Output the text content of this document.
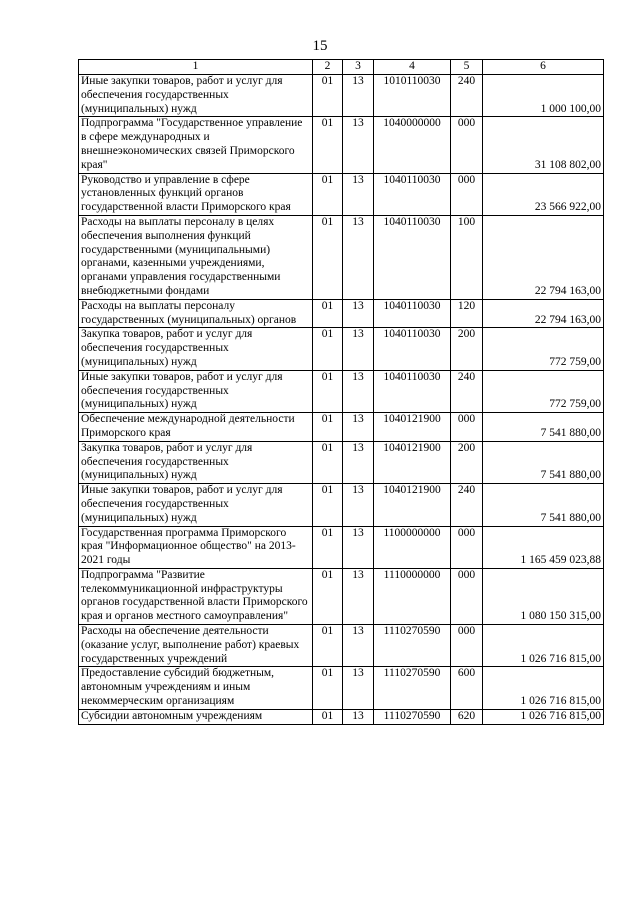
15
1	2	3	4	5	6
Иные закупки товаров, работ и услуг для обеспечения государственных (муниципальных) нужд	01	13	1010110030	240	1 000 100,00
Подпрограмма "Государственное управление в сфере международных и внешнеэкономических связей Приморского края"	01	13	1040000000	000	31 108 802,00
Руководство и управление в сфере установленных функций органов государственной власти Приморского края	01	13	1040110030	000	23 566 922,00
Расходы на выплаты персоналу в целях обеспечения выполнения функций государственными (муниципальными) органами, казенными учреждениями, органами управления государственными внебюджетными фондами	01	13	1040110030	100	22 794 163,00
Расходы на выплаты персоналу государственных (муниципальных) органов	01	13	1040110030	120	22 794 163,00
Закупка товаров, работ и услуг для обеспечения государственных (муниципальных) нужд	01	13	1040110030	200	772 759,00
Иные закупки товаров, работ и услуг для обеспечения государственных (муниципальных) нужд	01	13	1040110030	240	772 759,00
Обеспечение международной деятельности Приморского края	01	13	1040121900	000	7 541 880,00
Закупка товаров, работ и услуг для обеспечения государственных (муниципальных) нужд	01	13	1040121900	200	7 541 880,00
Иные закупки товаров, работ и услуг для обеспечения государственных (муниципальных) нужд	01	13	1040121900	240	7 541 880,00
Государственная программа Приморского края "Информационное общество" на 2013-2021 годы	01	13	1100000000	000	1 165 459 023,88
Подпрограмма "Развитие телекоммуникационной инфраструктуры органов государственной власти Приморского края и органов местного самоуправления"	01	13	1110000000	000	1 080 150 315,00
Расходы на обеспечение деятельности (оказание услуг, выполнение работ) краевых государственных учреждений	01	13	1110270590	000	1 026 716 815,00
Предоставление субсидий бюджетным, автономным учреждениям и иным некоммерческим организациям	01	13	1110270590	600	1 026 716 815,00
Субсидии автономным учреждениям	01	13	1110270590	620	1 026 716 815,00
